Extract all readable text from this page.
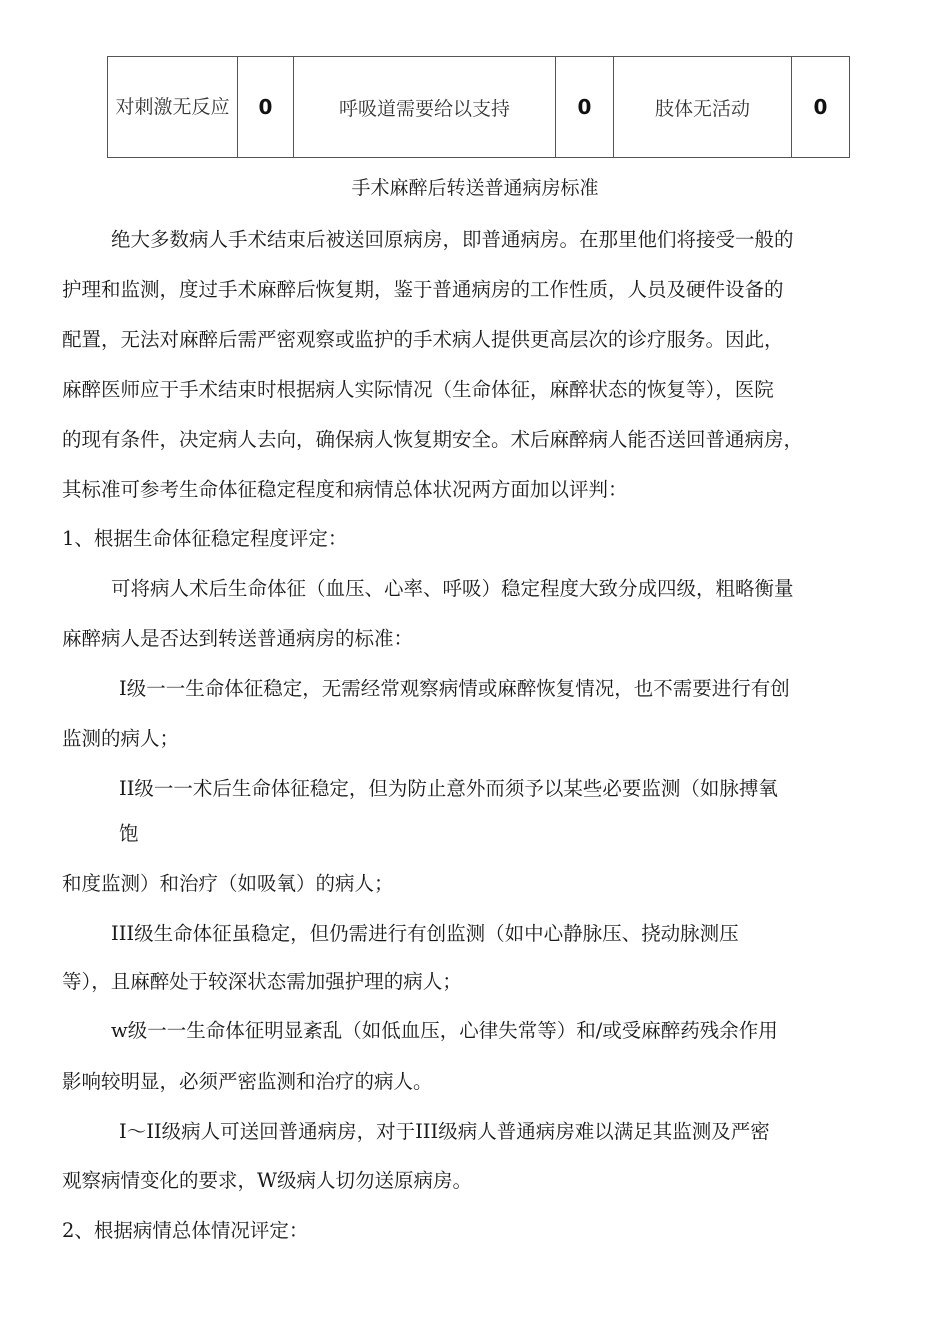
对刺激无反应	0	呼吸道需要给以支持	0	肢体无活动	0
手术麻醉后转送普通病房标准
绝大多数病人手术结束后被送回原病房，即普通病房。在那里他们将接受一般的
护理和监测，度过手术麻醉后恢复期，鉴于普通病房的工作性质，人员及硬件设备的
配置，无法对麻醉后需严密观察或监护的手术病人提供更高层次的诊疗服务。因此，
麻醉医师应于手术结束时根据病人实际情况（生命体征，麻醉状态的恢复等），医院
的现有条件，决定病人去向，确保病人恢复期安全。术后麻醉病人能否送回普通病房，
其标准可参考生命体征稳定程度和病情总体状况两方面加以评判：
1、根据生命体征稳定程度评定：
可将病人术后生命体征（血压、心率、呼吸）稳定程度大致分成四级，粗略衡量
麻醉病人是否达到转送普通病房的标准：
I级一一生命体征稳定，无需经常观察病情或麻醉恢复情况，也不需要进行有创
监测的病人；
II级一一术后生命体征稳定，但为防止意外而须予以某些必要监测（如脉搏氧
饱
和度监测）和治疗（如吸氧）的病人；
III级生命体征虽稳定，但仍需进行有创监测（如中心静脉压、挠动脉测压
等），且麻醉处于较深状态需加强护理的病人；
w级一一生命体征明显紊乱（如低血压，心律失常等）和/或受麻醉药残余作用
影响较明显，必须严密监测和治疗的病人。
I〜II级病人可送回普通病房，对于III级病人普通病房难以满足其监测及严密
观察病情变化的要求，W级病人切勿送原病房。
2、根据病情总体情况评定：
